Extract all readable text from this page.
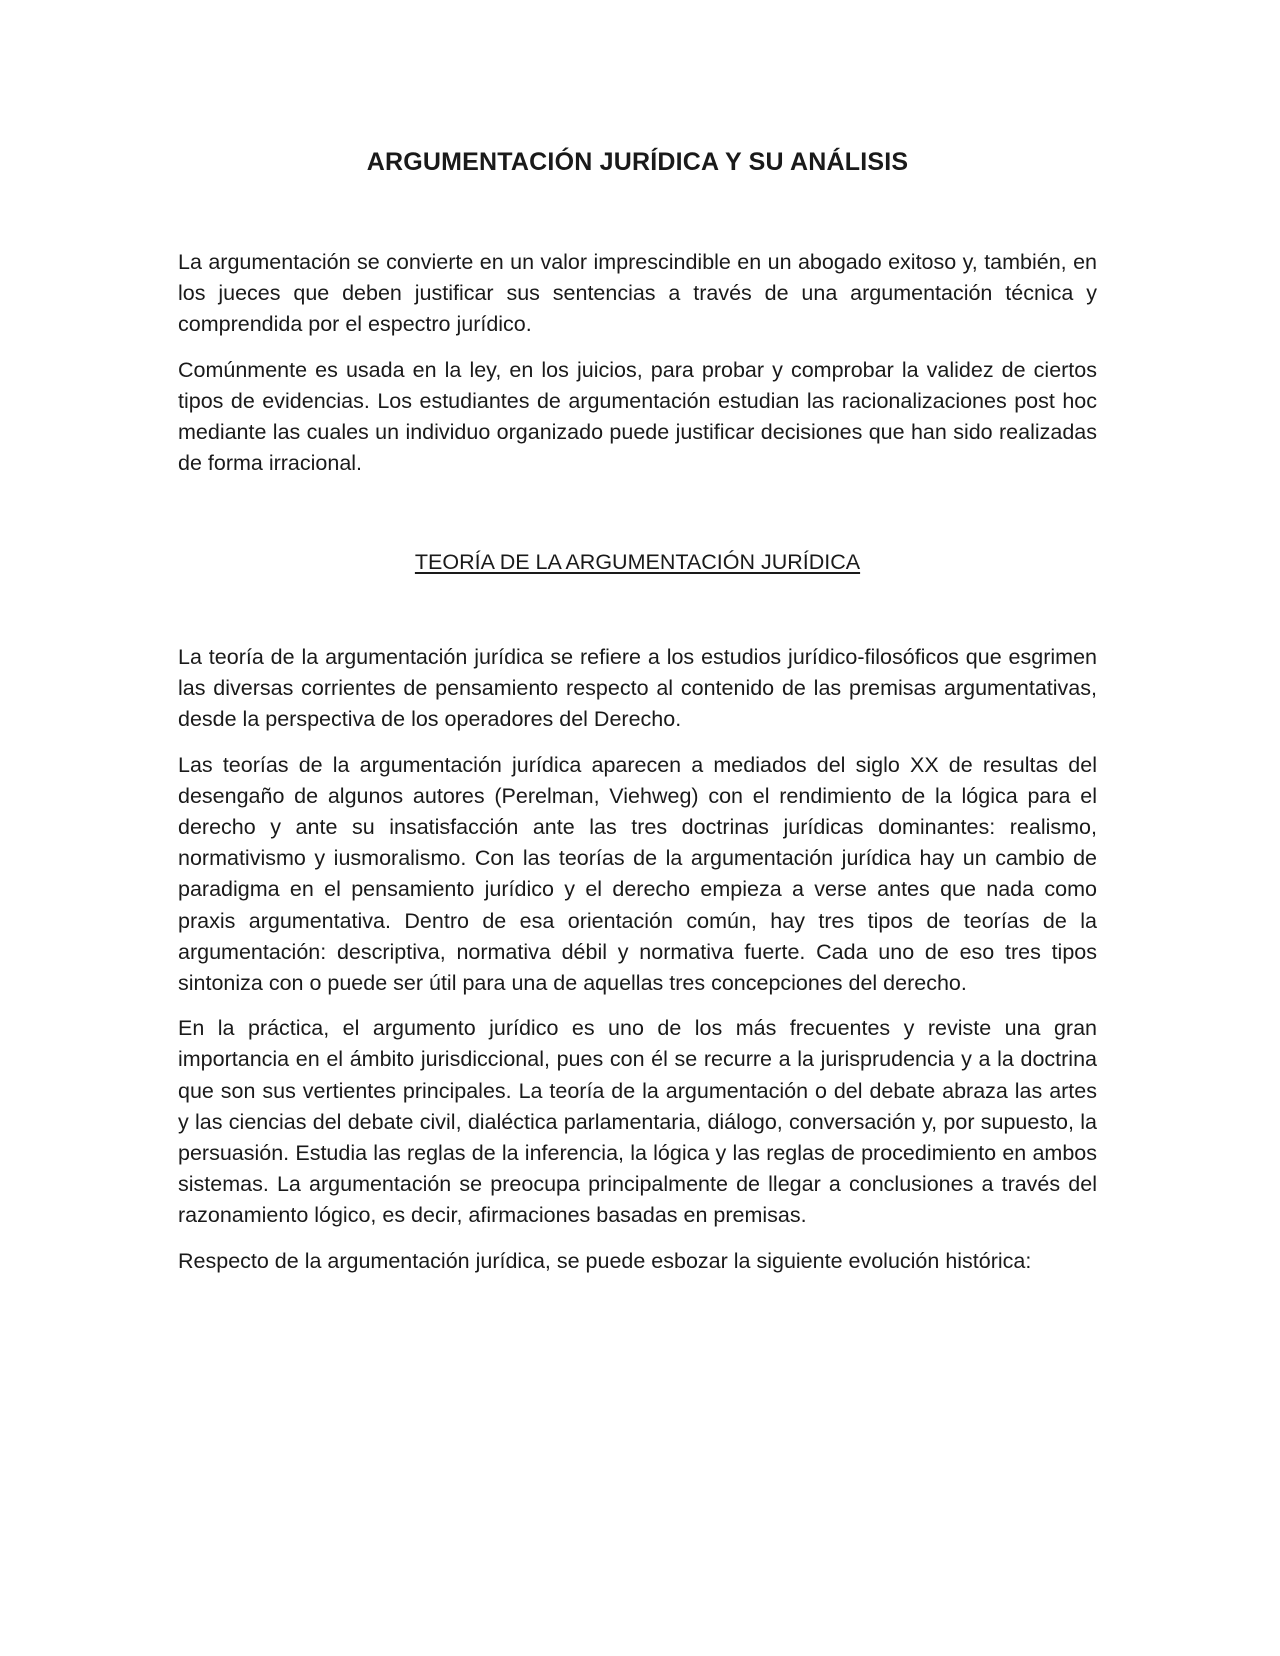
ARGUMENTACIÓN JURÍDICA Y SU ANÁLISIS

La argumentación se convierte en un valor imprescindible en un abogado exitoso y, también, en los jueces que deben justificar sus sentencias a través de una argumentación técnica y comprendida por el espectro jurídico.

Comúnmente es usada en la ley, en los juicios, para probar y comprobar la validez de ciertos tipos de evidencias. Los estudiantes de argumentación estudian las racionalizaciones post hoc mediante las cuales un individuo organizado puede justificar decisiones que han sido realizadas de forma irracional.

TEORÍA DE LA ARGUMENTACIÓN JURÍDICA

La teoría de la argumentación jurídica se refiere a los estudios jurídico-filosóficos que esgrimen las diversas corrientes de pensamiento respecto al contenido de las premisas argumentativas, desde la perspectiva de los operadores del Derecho.

Las teorías de la argumentación jurídica aparecen a mediados del siglo XX de resultas del desengaño de algunos autores (Perelman, Viehweg) con el rendimiento de la lógica para el derecho y ante su insatisfacción ante las tres doctrinas jurídicas dominantes: realismo, normativismo y iusmoralismo. Con las teorías de la argumentación jurídica hay un cambio de paradigma en el pensamiento jurídico y el derecho empieza a verse antes que nada como praxis argumentativa. Dentro de esa orientación común, hay tres tipos de teorías de la argumentación: descriptiva, normativa débil y normativa fuerte. Cada uno de eso tres tipos sintoniza con o puede ser útil para una de aquellas tres concepciones del derecho.

En la práctica, el argumento jurídico es uno de los más frecuentes y reviste una gran importancia en el ámbito jurisdiccional, pues con él se recurre a la jurisprudencia y a la doctrina que son sus vertientes principales. La teoría de la argumentación o del debate abraza las artes y las ciencias del debate civil, dialéctica parlamentaria, diálogo, conversación y, por supuesto, la persuasión. Estudia las reglas de la inferencia, la lógica y las reglas de procedimiento en ambos sistemas. La argumentación se preocupa principalmente de llegar a conclusiones a través del razonamiento lógico, es decir, afirmaciones basadas en premisas.

Respecto de la argumentación jurídica, se puede esbozar la siguiente evolución histórica:
